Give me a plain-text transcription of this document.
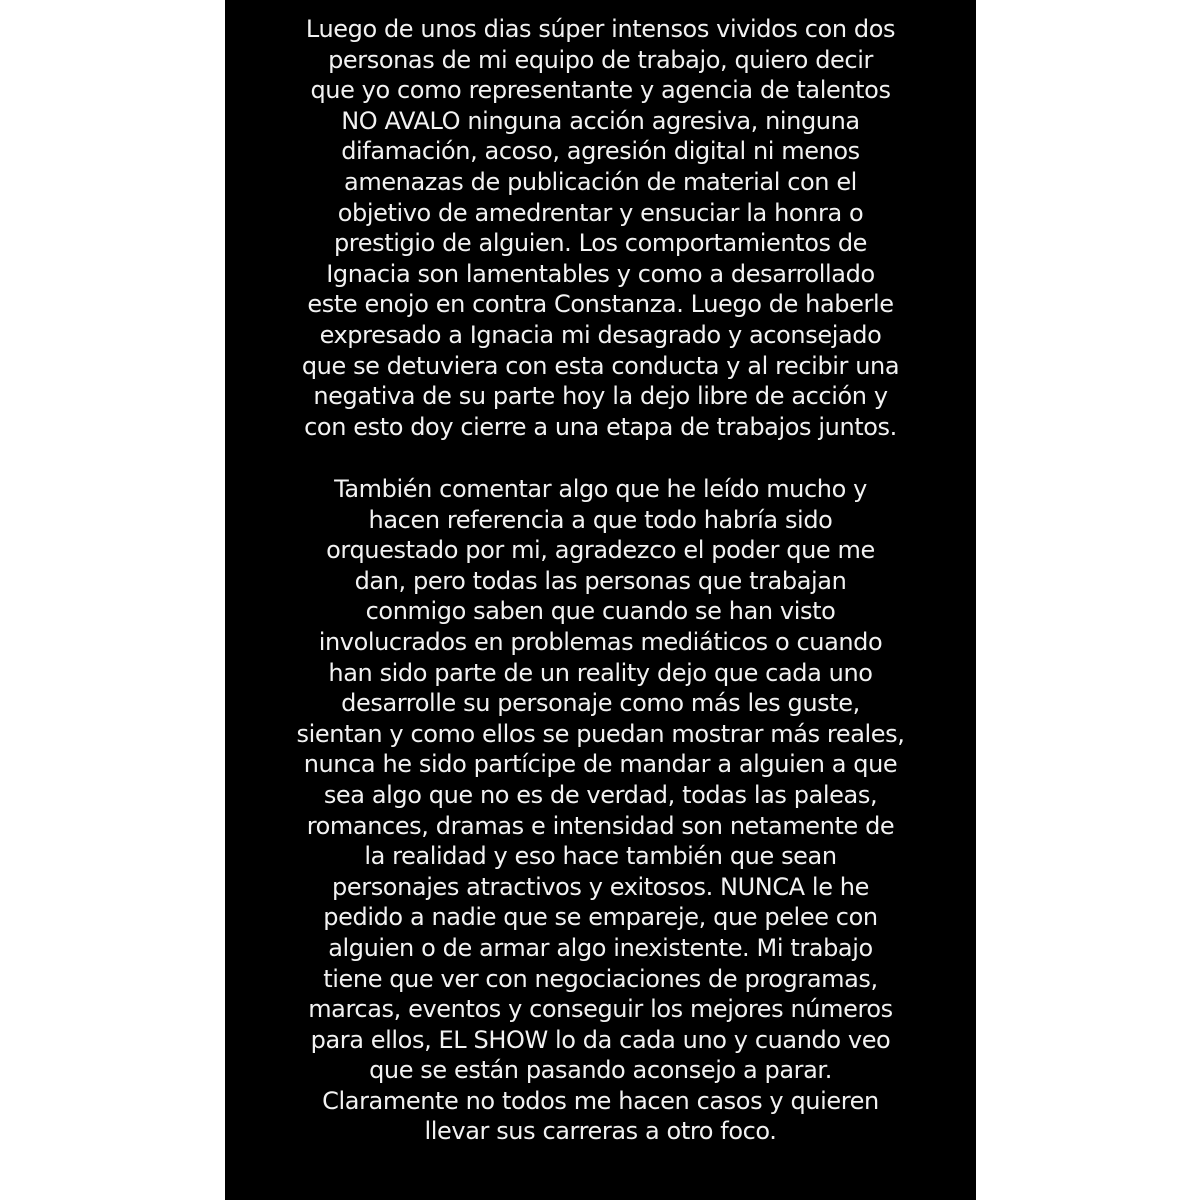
Luego de unos dias súper intensos vividos con dos
personas de mi equipo de trabajo, quiero decir
que yo como representante y agencia de talentos
NO AVALO ninguna acción agresiva, ninguna
difamación, acoso, agresión digital ni menos
amenazas de publicación de material con el
objetivo de amedrentar y ensuciar la honra o
prestigio de alguien. Los comportamientos de
Ignacia son lamentables y como a desarrollado
este enojo en contra Constanza. Luego de haberle
expresado a Ignacia mi desagrado y aconsejado
que se detuviera con esta conducta y al recibir una
negativa de su parte hoy la dejo libre de acción y
con esto doy cierre a una etapa de trabajos juntos.
También comentar algo que he leído mucho y
hacen referencia a que todo habría sido
orquestado por mi, agradezco el poder que me
dan, pero todas las personas que trabajan
conmigo saben que cuando se han visto
involucrados en problemas mediáticos o cuando
han sido parte de un reality dejo que cada uno
desarrolle su personaje como más les guste,
sientan y como ellos se puedan mostrar más reales,
nunca he sido partícipe de mandar a alguien a que
sea algo que no es de verdad, todas las paleas,
romances, dramas e intensidad son netamente de
la realidad y eso hace también que sean
personajes atractivos y exitosos. NUNCA le he
pedido a nadie que se empareje, que pelee con
alguien o de armar algo inexistente. Mi trabajo
tiene que ver con negociaciones de programas,
marcas, eventos y conseguir los mejores números
para ellos, EL SHOW lo da cada uno y cuando veo
que se están pasando aconsejo a parar.
Claramente no todos me hacen casos y quieren
llevar sus carreras a otro foco.
